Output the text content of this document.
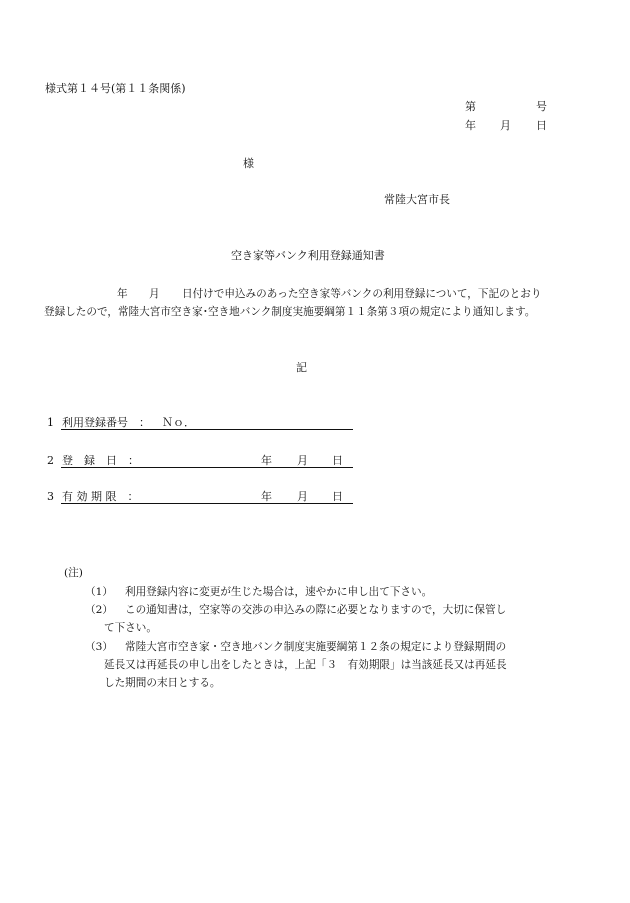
様式第１４号(第１１条関係)
第	号
年 月 日
様
常陸大宮市長
空き家等バンク利用登録通知書
年 月 日付けで申込みのあった空き家等バンクの利用登録について，下記のとおり
登録したので，常陸大宮市空き家･空き地バンク制度実施要綱第１１条第３項の規定により通知します。
記
1 利用登録番号　： Ｎｏ．
2 登　録　日　：	年 月 日
3 有 効 期 限　：	年 月 日
(注)
（1） 利用登録内容に変更が生じた場合は，速やかに申し出て下さい。
（2） この通知書は，空家等の交渉の申込みの際に必要となりますので，大切に保管し
て下さい。
（3） 常陸大宮市空き家・空き地バンク制度実施要綱第１２条の規定により登録期間の
延長又は再延長の申し出をしたときは，上記「３　有効期限」は当該延長又は再延長
した期間の末日とする。
